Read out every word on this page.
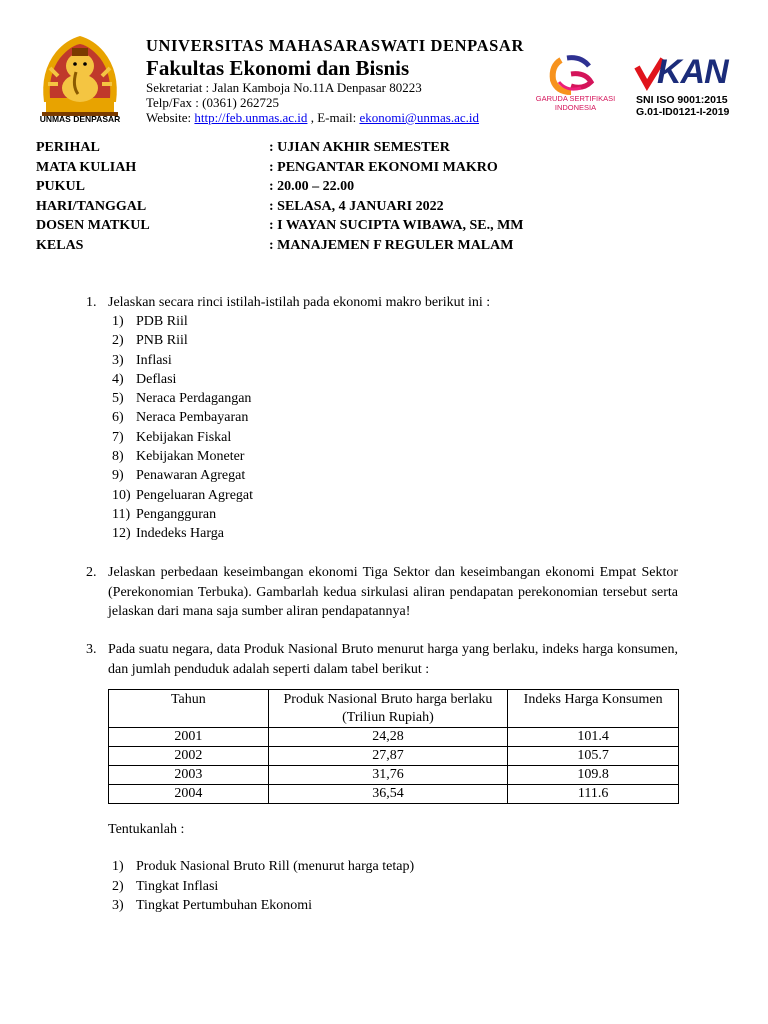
UNMAS DENPASAR
UNIVERSITAS MAHASARASWATI DENPASAR
Fakultas Ekonomi dan Bisnis
Sekretariat : Jalan Kamboja No.11A Denpasar 80223
Telp/Fax : (0361) 262725
Website: http://feb.unmas.ac.id , E-mail: ekonomi@unmas.ac.id
GARUDA SERTIFIKASI
INDONESIA
KAN
SNI ISO 9001:2015
G.01-ID0121-I-2019
PERIHAL	: UJIAN AKHIR SEMESTER
MATA KULIAH	: PENGANTAR EKONOMI MAKRO
PUKUL	: 20.00 – 22.00
HARI/TANGGAL	: SELASA, 4 JANUARI 2022
DOSEN MATKUL	: I WAYAN SUCIPTA WIBAWA, SE., MM
KELAS	: MANAJEMEN F REGULER MALAM
1. Jelaskan secara rinci istilah-istilah pada ekonomi makro berikut ini :
1) PDB Riil
2) PNB Riil
3) Inflasi
4) Deflasi
5) Neraca Perdagangan
6) Neraca Pembayaran
7) Kebijakan Fiskal
8) Kebijakan Moneter
9) Penawaran Agregat
10) Pengeluaran Agregat
11) Pengangguran
12) Indedeks Harga
2. Jelaskan perbedaan keseimbangan ekonomi Tiga Sektor dan keseimbangan ekonomi Empat Sektor (Perekonomian Terbuka). Gambarlah kedua sirkulasi aliran pendapatan perekonomian tersebut serta jelaskan dari mana saja sumber aliran pendapatannya!
3. Pada suatu negara, data Produk Nasional Bruto menurut harga yang berlaku, indeks harga konsumen, dan jumlah penduduk adalah seperti dalam tabel berikut :
Tahun	Produk Nasional Bruto harga berlaku (Triliun Rupiah)	Indeks Harga Konsumen
2001	24,28	101.4
2002	27,87	105.7
2003	31,76	109.8
2004	36,54	111.6
Tentukanlah :
1) Produk Nasional Bruto Rill (menurut harga tetap)
2) Tingkat Inflasi
3) Tingkat Pertumbuhan Ekonomi
